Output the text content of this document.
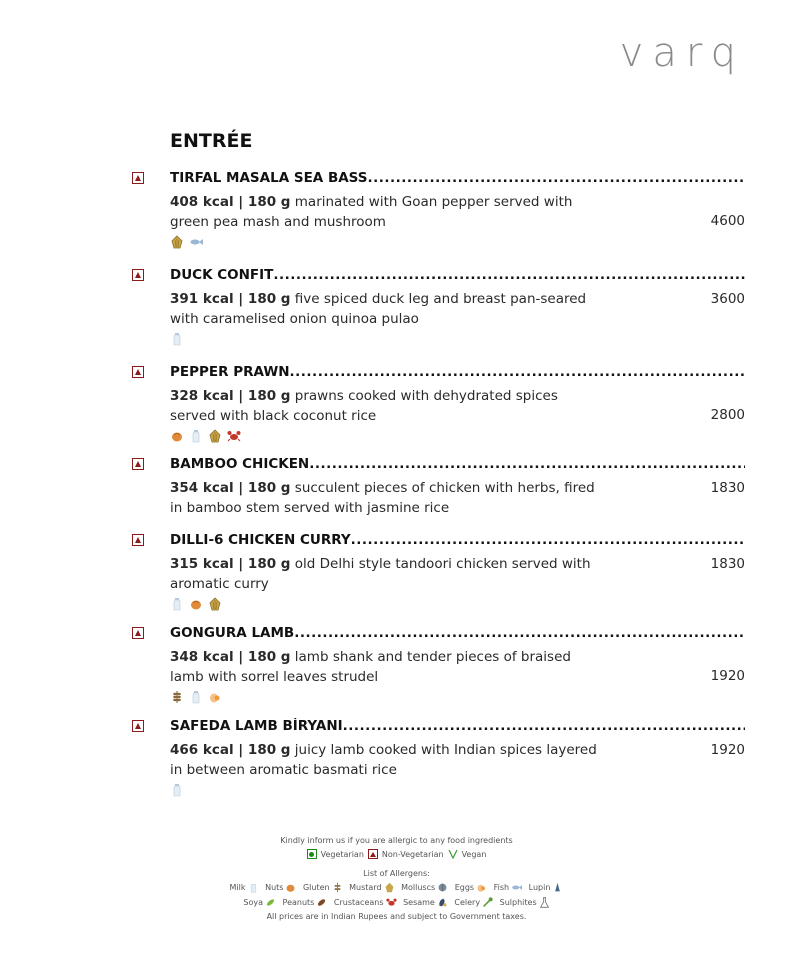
varq
ENTRÉE
TIRFAL MASALA SEA BASS
.....
408 kcal | 180 g marinated with Goan pepper served with green pea mash and mushroom	4600
DUCK CONFIT
.....
391 kcal | 180 g five spiced duck leg and breast pan-seared with caramelised onion quinoa pulao
3600
PEPPER PRAWN
.....
328 kcal | 180 g prawns cooked with dehydrated spices served with black coconut rice	2800
BAMBOO CHICKEN
.....
354 kcal | 180 g succulent pieces of chicken with herbs, fired in bamboo stem served with jasmine rice
1830
DILLI-6 CHICKEN CURRY
.....
315 kcal | 180 g old Delhi style tandoori chicken served with aromatic curry
1830
GONGURA LAMB
.....
348 kcal | 180 g lamb shank and tender pieces of braised lamb with sorrel leaves strudel	1920
SAFEDA LAMB BİRYANI
.....
466 kcal | 180 g juicy lamb cooked with Indian spices layered in between aromatic basmati rice
1920
Kindly inform us if you are allergic to any food ingredients
Vegetarian Non-Vegetarian Vegan
List of Allergens:
Milk
Nuts
Gluten
Mustard
Molluscs
Eggs
Fish
Lupin
Soya
Peanuts
Crustaceans
Sesame
Celery
Sulphites
All prices are in Indian Rupees and subject to Government taxes.
